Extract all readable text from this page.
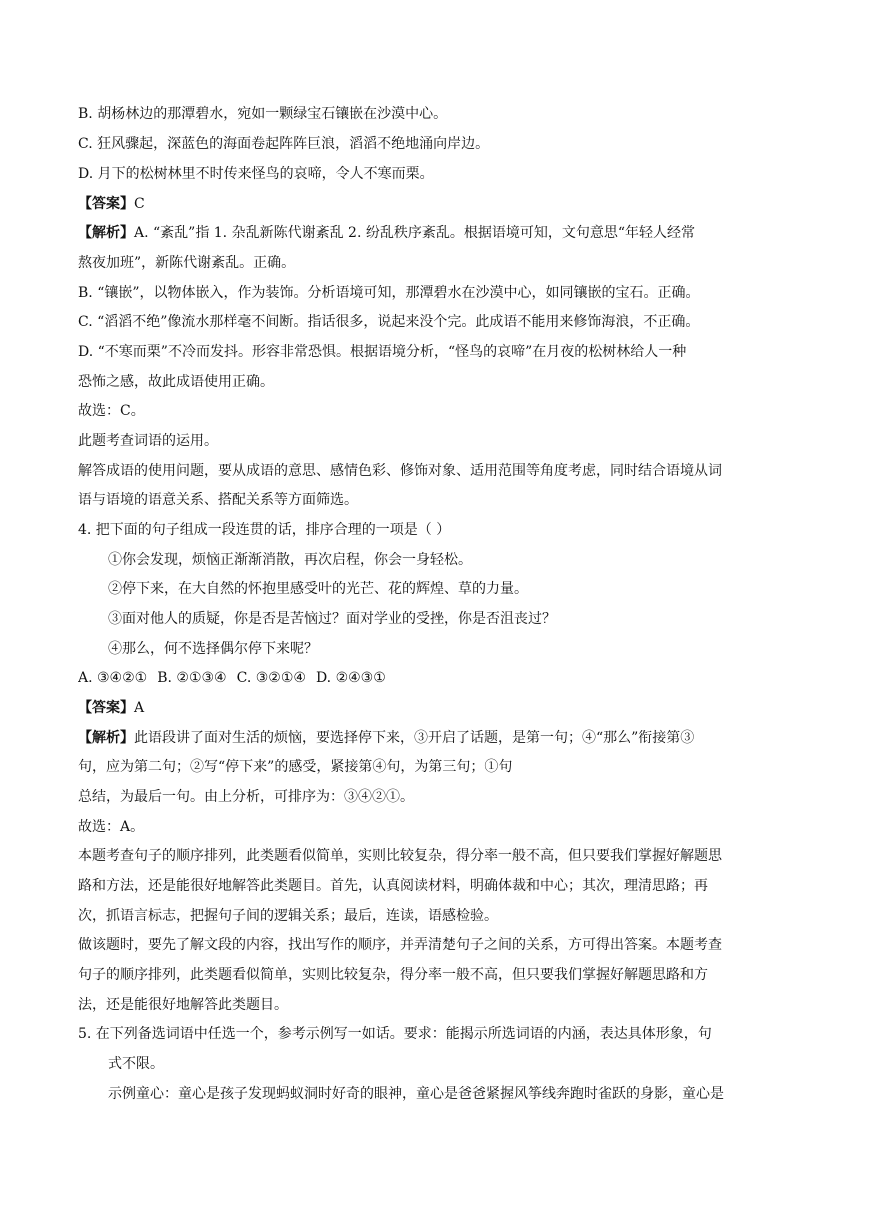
B. 胡杨林边的那潭碧水，宛如一颗绿宝石镶嵌在沙漠中心。
C. 狂风骤起，深蓝色的海面卷起阵阵巨浪，滔滔不绝地涌向岸边。
D. 月下的松树林里不时传来怪鸟的哀啼，令人不寒而栗。
【答案】C
【解析】A. “紊乱”指 1. 杂乱新陈代谢紊乱 2. 纷乱秩序紊乱。根据语境可知，文句意思“年轻人经常
熬夜加班”，新陈代谢紊乱。正确。
B. “镶嵌”，以物体嵌入，作为装饰。分析语境可知，那潭碧水在沙漠中心，如同镶嵌的宝石。正确。
C. “滔滔不绝”像流水那样毫不间断。指话很多，说起来没个完。此成语不能用来修饰海浪，不正确。
D. “不寒而栗”不冷而发抖。形容非常恐惧。根据语境分析，“怪鸟的哀啼”在月夜的松树林给人一种
恐怖之感，故此成语使用正确。
故选：C。
此题考查词语的运用。
解答成语的使用问题，要从成语的意思、感情色彩、修饰对象、适用范围等角度考虑，同时结合语境从词
语与语境的语意关系、搭配关系等方面筛选。
4. 把下面的句子组成一段连贯的话，排序合理的一项是（ ）
①你会发现，烦恼正渐渐消散，再次启程，你会一身轻松。
②停下来，在大自然的怀抱里感受叶的光芒、花的辉煌、草的力量。
③面对他人的质疑，你是否是苦恼过？面对学业的受挫，你是否沮丧过？
④那么，何不选择偶尔停下来呢？
A. ③④②① B. ②①③④ C. ③②①④ D. ②④③①
【答案】A
【解析】此语段讲了面对生活的烦恼，要选择停下来，③开启了话题，是第一句；④“那么”衔接第③
句，应为第二句；②写“停下来”的感受，紧接第④句，为第三句；①句
总结，为最后一句。由上分析，可排序为：③④②①。
故选：A。
本题考查句子的顺序排列，此类题看似简单，实则比较复杂，得分率一般不高，但只要我们掌握好解题思
路和方法，还是能很好地解答此类题目。首先，认真阅读材料，明确体裁和中心；其次，理清思路；再
次，抓语言标志，把握句子间的逻辑关系；最后，连读，语感检验。
做该题时，要先了解文段的内容，找出写作的顺序，并弄清楚句子之间的关系，方可得出答案。本题考查
句子的顺序排列，此类题看似简单，实则比较复杂，得分率一般不高，但只要我们掌握好解题思路和方
法，还是能很好地解答此类题目。
5. 在下列备选词语中任选一个，参考示例写一如话。要求：能揭示所选词语的内涵，表达具体形象，句
式不限。
示例童心：童心是孩子发现蚂蚁洞时好奇的眼神，童心是爸爸紧握风筝线奔跑时雀跃的身影，童心是
